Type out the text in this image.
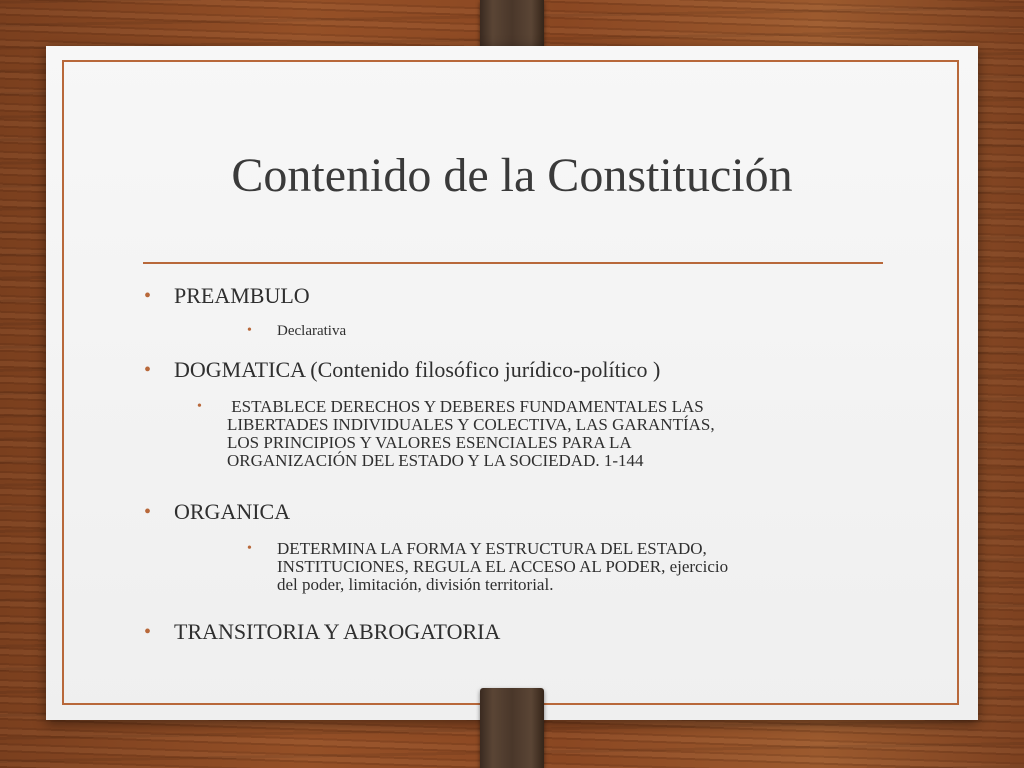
Contenido de la Constitución
• PREAMBULO
• Declarativa
• DOGMATICA (Contenido filosófico jurídico-político )
• ESTABLECE DERECHOS Y DEBERES FUNDAMENTALES LAS
LIBERTADES INDIVIDUALES Y COLECTIVA, LAS GARANTÍAS,
LOS PRINCIPIOS Y VALORES ESENCIALES PARA LA
ORGANIZACIÓN DEL ESTADO Y LA SOCIEDAD. 1-144
• ORGANICA
• DETERMINA LA FORMA Y ESTRUCTURA DEL ESTADO,
INSTITUCIONES, REGULA EL ACCESO AL PODER, ejercicio
del poder, limitación, división territorial.
• TRANSITORIA Y ABROGATORIA
